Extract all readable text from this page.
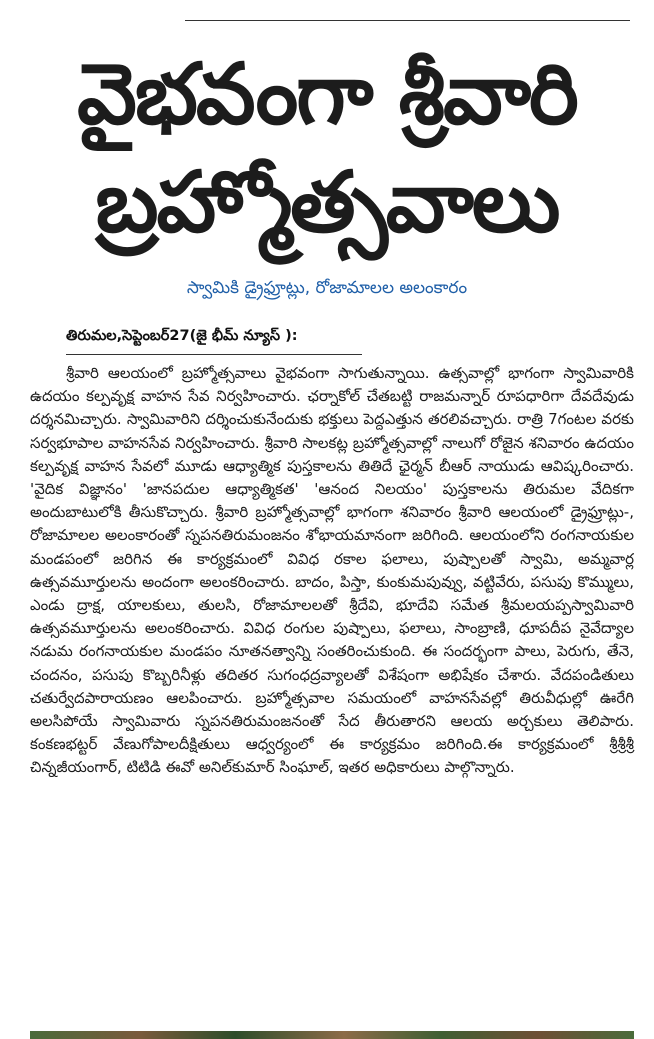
వైభవంగా శ్రీవారి
బ్రహ్మోత్సవాలు
స్వామికి డ్రైఫ్రూట్లు, రోజామాలల అలంకారం
తిరుమల,సెప్టెంబర్27(జై భీమ్ న్యూస్ ):

శ్రీవారి ఆలయంలో బ్రహ్మోత్సవాలు వైభవంగా సాగుతున్నాయి. ఉత్సవాల్లో భాగంగా స్వామివారికి ఉదయం కల్పవృక్ష వాహన సేవ నిర్వహించారు. ఛర్నాకోల్ చేతబట్టి రాజమన్నార్ రూపధారిగా దేవదేవుడు దర్శనమిచ్చారు. స్వామివారిని దర్శించుకునేందుకు భక్తులు పెద్దఎత్తున తరలివచ్చారు. రాత్రి 7గంటల వరకు సర్వభూపాల వాహనసేవ నిర్వహించారు. శ్రీవారి సాలకట్ల బ్రహ్మోత్సవాల్లో నాలుగో రోజైన శనివారం ఉదయం కల్పవృక్ష వాహన సేవలో మూడు ఆధ్యాత్మిక పుస్తకాలను తితిదే ఛైర్మన్ బీఆర్ నాయుడు ఆవిష్కరించారు. 'వైదిక విజ్ఞానం' 'జానపదుల ఆధ్యాత్మికత' 'ఆనంద నిలయం' పుస్తకాలను తిరుమల వేదికగా అందుబాటులోకి తీసుకొచ్చారు. శ్రీవారి బ్రహ్మోత్సవాల్లో భాగంగా శనివారం శ్రీవారి ఆలయంలో డ్రైఫ్రూట్లు-, రోజామాలల అలంకారంతో స్నపనతిరుమంజనం శోభాయమానంగా జరిగింది. ఆలయంలోని రంగనాయకుల మండపంలో జరిగిన ఈ కార్యక్రమంలో వివిధ రకాల ఫలాలు, పుష్పాలతో స్వామి, అమ్మవార్ల ఉత్సవమూర్తులను అందంగా అలంకరించారు. బాదం, పిస్తా, కుంకుమపువ్వు, వట్టివేరు, పసుపు కొమ్ములు, ఎండు ద్రాక్ష, యాలకులు, తులసి, రోజామాలలతో శ్రీదేవి, భూదేవి సమేత శ్రీమలయప్పస్వామివారి ఉత్సవమూర్తులను అలంకరించారు. వివిధ రంగుల పుష్పాలు, ఫలాలు, సాంబ్రాణి, ధూపదీప నైవేద్యాల నడుమ రంగనాయకుల మండపం నూతనత్వాన్ని సంతరించుకుంది. ఈ సందర్భంగా పాలు, పెరుగు, తేనె, చందనం, పసుపు కొబ్బరినీళ్లు తదితర సుగంధద్రవ్యాలతో విశేషంగా అభిషేకం చేశారు. వేదపండితులు చతుర్వేదపారాయణం ఆలపించారు. బ్రహ్మోత్సవాల సమయంలో వాహనసేవల్లో తిరువీధుల్లో ఊరేగి అలసిపోయే స్వామివారు స్నపనతిరుమంజనంతో సేద తీరుతారని ఆలయ అర్చకులు తెలిపారు. కంకణభట్టర్ వేణుగోపాలదీక్షితులు ఆధ్వర్యంలో ఈ కార్యక్రమం జరిగింది.ఈ కార్యక్రమంలో శ్రీశ్రీశ్రీ చిన్నజీయంగార్, టిటిడి ఈవో అనిల్‌కుమార్ సింఘాల్, ఇతర అధికారులు పాల్గొన్నారు.
